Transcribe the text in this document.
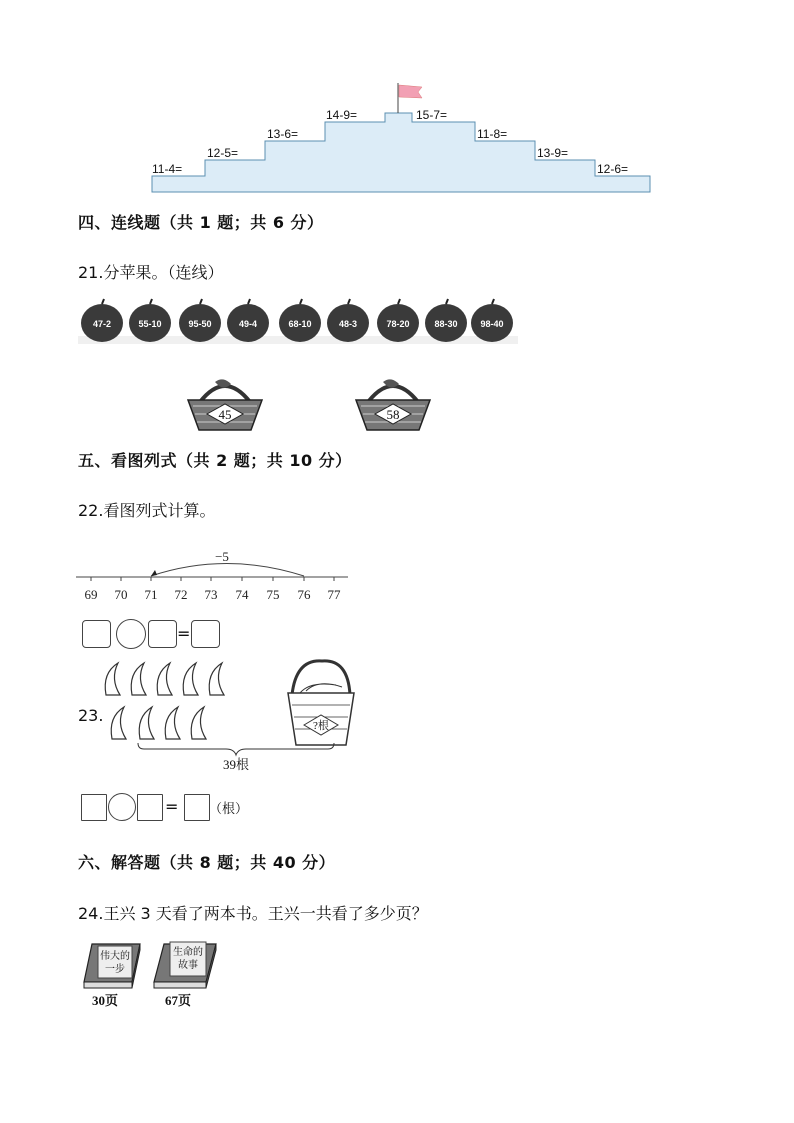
11-4=
12-5=
13-6=
14-9=	15-7=
11-8=
13-9=
12-6=
四、连线题（共 1 题；共 6 分）
21.分苹果。（连线）
47-2	55-10	95-50	49-4	68-10	48-3	78-20	88-30	98-40
45	58
五、看图列式（共 2 题；共 10 分）
22.看图列式计算。
−5
69 70 71 72 73 74 75 76 77
=
23.
?根
39根
= （根）
六、解答题（共 8 题；共 40 分）
24.王兴 3 天看了两本书。王兴一共看了多少页？
伟大的
一步
30页
生命的
故事
67页
